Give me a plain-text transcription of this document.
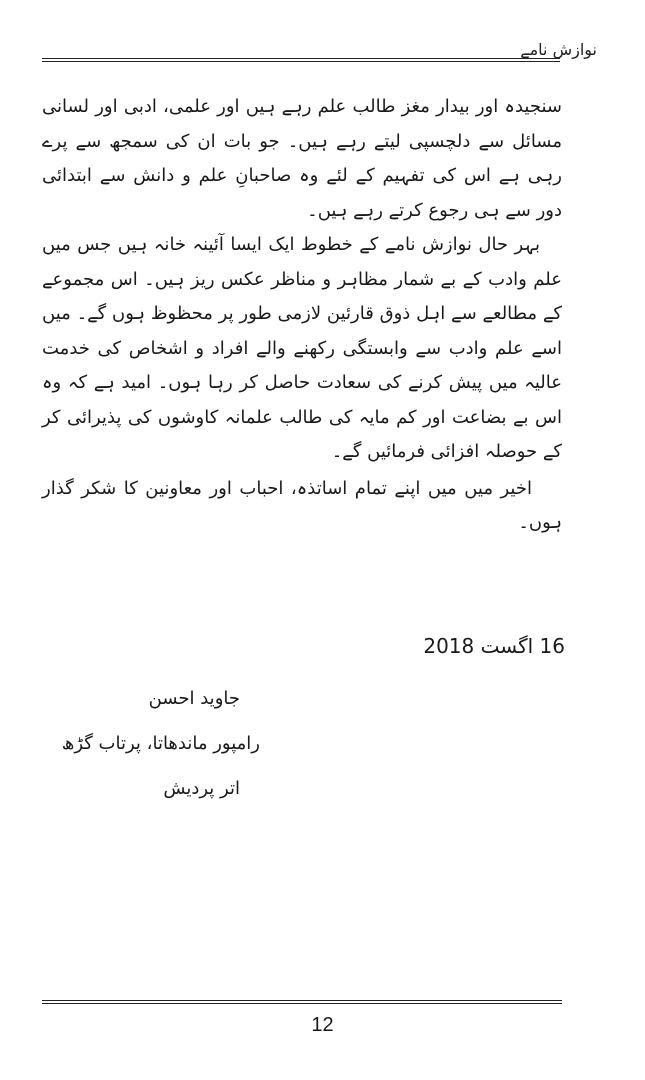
نوازش نامے

سنجیدہ اور بیدار مغز طالب علم رہے ہیں اور علمی، ادبی اور لسانی مسائل سے دلچسپی لیتے رہے ہیں۔ جو بات ان کی سمجھ سے پرے رہی ہے اس کی تفہیم کے لئے وہ صاحبانِ علم و دانش سے ابتدائی دور سے ہی رجوع کرتے رہے ہیں۔

بہر حال نوازش نامے کے خطوط ایک ایسا آئینہ خانہ ہیں جس میں علم وادب کے بے شمار مظاہر و مناظر عکس ریز ہیں۔ اس مجموعے کے مطالعے سے اہل ذوق قارئین لازمی طور پر محظوظ ہوں گے۔ میں اسے علم وادب سے وابستگی رکھنے والے افراد و اشخاص کی خدمت عالیہ میں پیش کرنے کی سعادت حاصل کر رہا ہوں۔ امید ہے کہ وہ اس بے بضاعت اور کم مایہ کی طالب علمانہ کاوشوں کی پذیرائی کر کے حوصلہ افزائی فرمائیں گے۔

اخیر میں میں اپنے تمام اساتذہ، احباب اور معاونین کا شکر گذار ہوں۔

16 اگست 2018
جاوید احسن
رامپور ماندھاتا، پرتاب گڑھ
اتر پردیش
12
